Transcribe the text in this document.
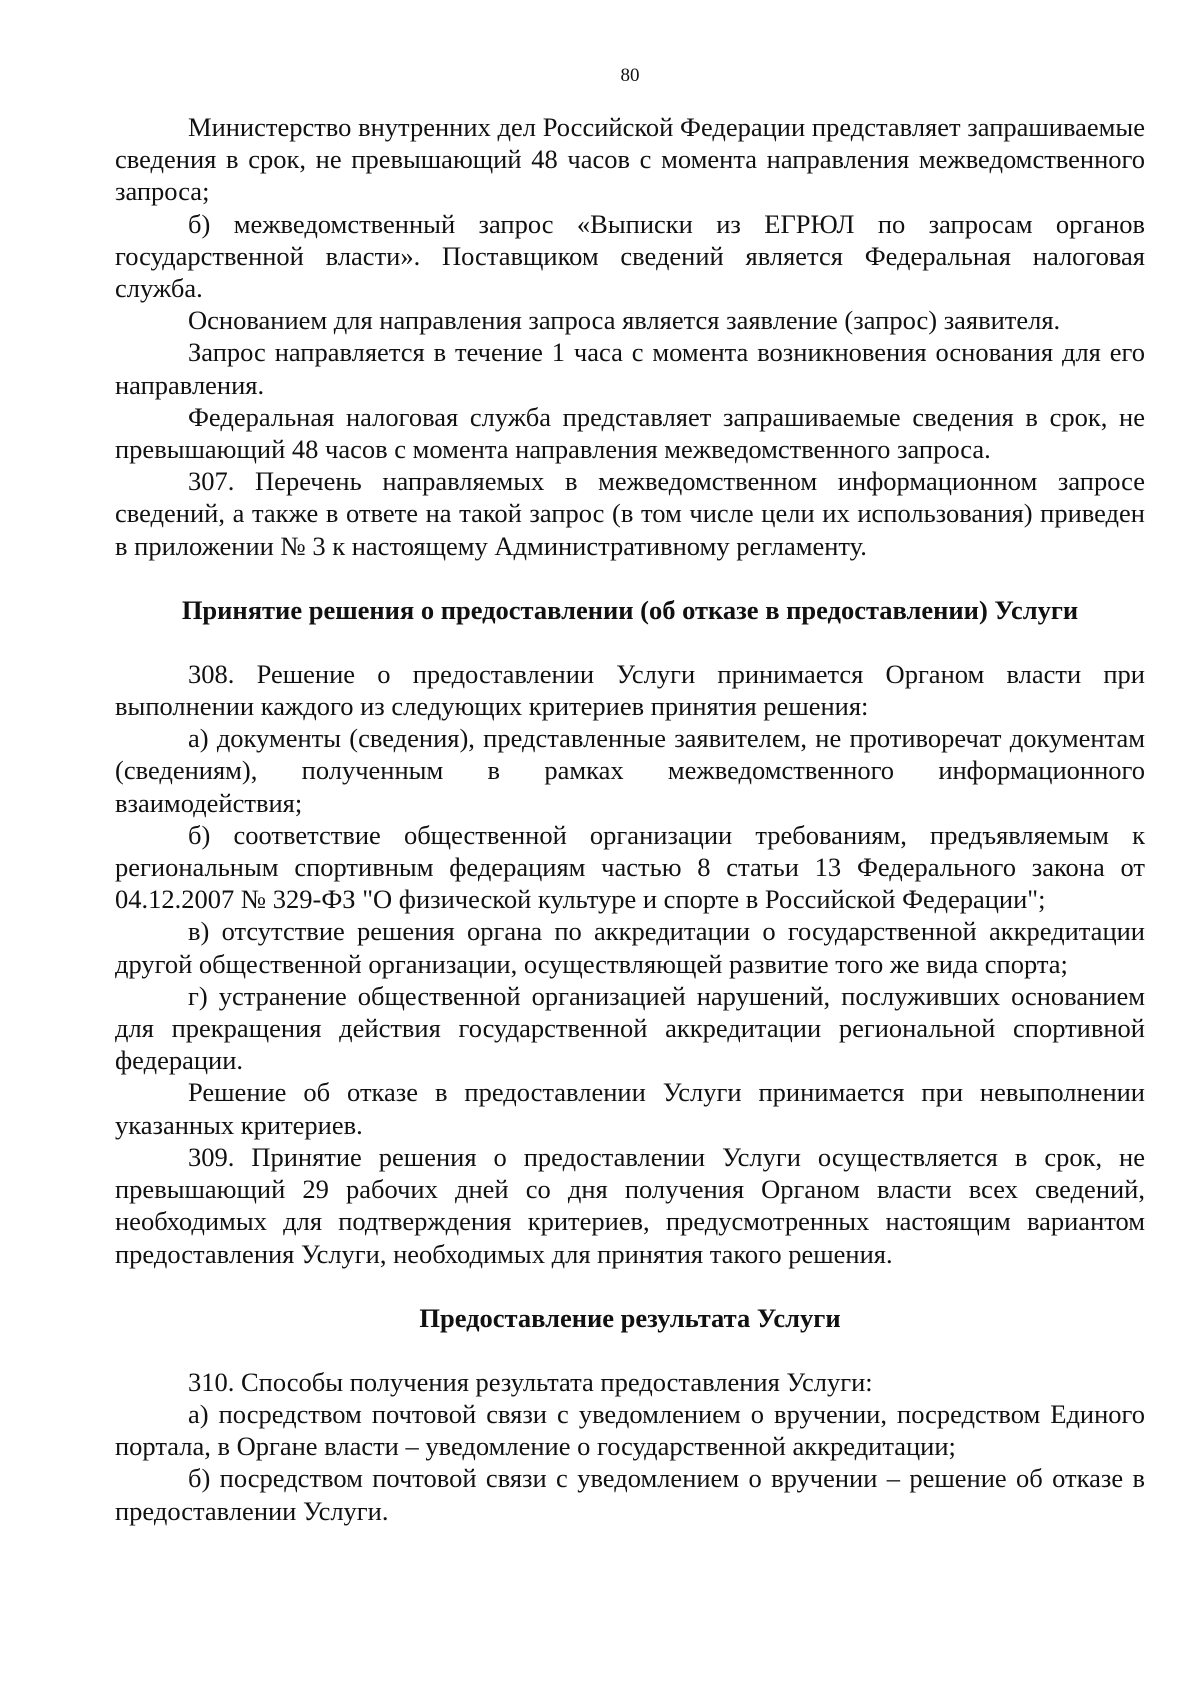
80

Министерство внутренних дел Российской Федерации представляет запрашиваемые сведения в срок, не превышающий 48 часов с момента направления межведомственного запроса;

б) межведомственный запрос «Выписки из ЕГРЮЛ по запросам органов государственной власти». Поставщиком сведений является Федеральная налоговая служба.

Основанием для направления запроса является заявление (запрос) заявителя.

Запрос направляется в течение 1 часа с момента возникновения основания для его направления.

Федеральная налоговая служба представляет запрашиваемые сведения в срок, не превышающий 48 часов с момента направления межведомственного запроса.

307. Перечень направляемых в межведомственном информационном запросе сведений, а также в ответе на такой запрос (в том числе цели их использования) приведен в приложении № 3 к настоящему Административному регламенту.

Принятие решения о предоставлении (об отказе в предоставлении) Услуги

308. Решение о предоставлении Услуги принимается Органом власти при выполнении каждого из следующих критериев принятия решения:

а) документы (сведения), представленные заявителем, не противоречат документам (сведениям), полученным в рамках межведомственного информационного взаимодействия;

б) соответствие общественной организации требованиям, предъявляемым к региональным спортивным федерациям частью 8 статьи 13 Федерального закона от 04.12.2007 № 329-ФЗ "О физической культуре и спорте в Российской Федерации";

в) отсутствие решения органа по аккредитации о государственной аккредитации другой общественной организации, осуществляющей развитие того же вида спорта;

г) устранение общественной организацией нарушений, послуживших основанием для прекращения действия государственной аккредитации региональной спортивной федерации.

Решение об отказе в предоставлении Услуги принимается при невыполнении указанных критериев.

309. Принятие решения о предоставлении Услуги осуществляется в срок, не превышающий 29 рабочих дней со дня получения Органом власти всех сведений, необходимых для подтверждения критериев, предусмотренных настоящим вариантом предоставления Услуги, необходимых для принятия такого решения.

Предоставление результата Услуги

310. Способы получения результата предоставления Услуги:

а) посредством почтовой связи с уведомлением о вручении, посредством Единого портала, в Органе власти – уведомление о государственной аккредитации;

б) посредством почтовой связи с уведомлением о вручении – решение об отказе в предоставлении Услуги.
